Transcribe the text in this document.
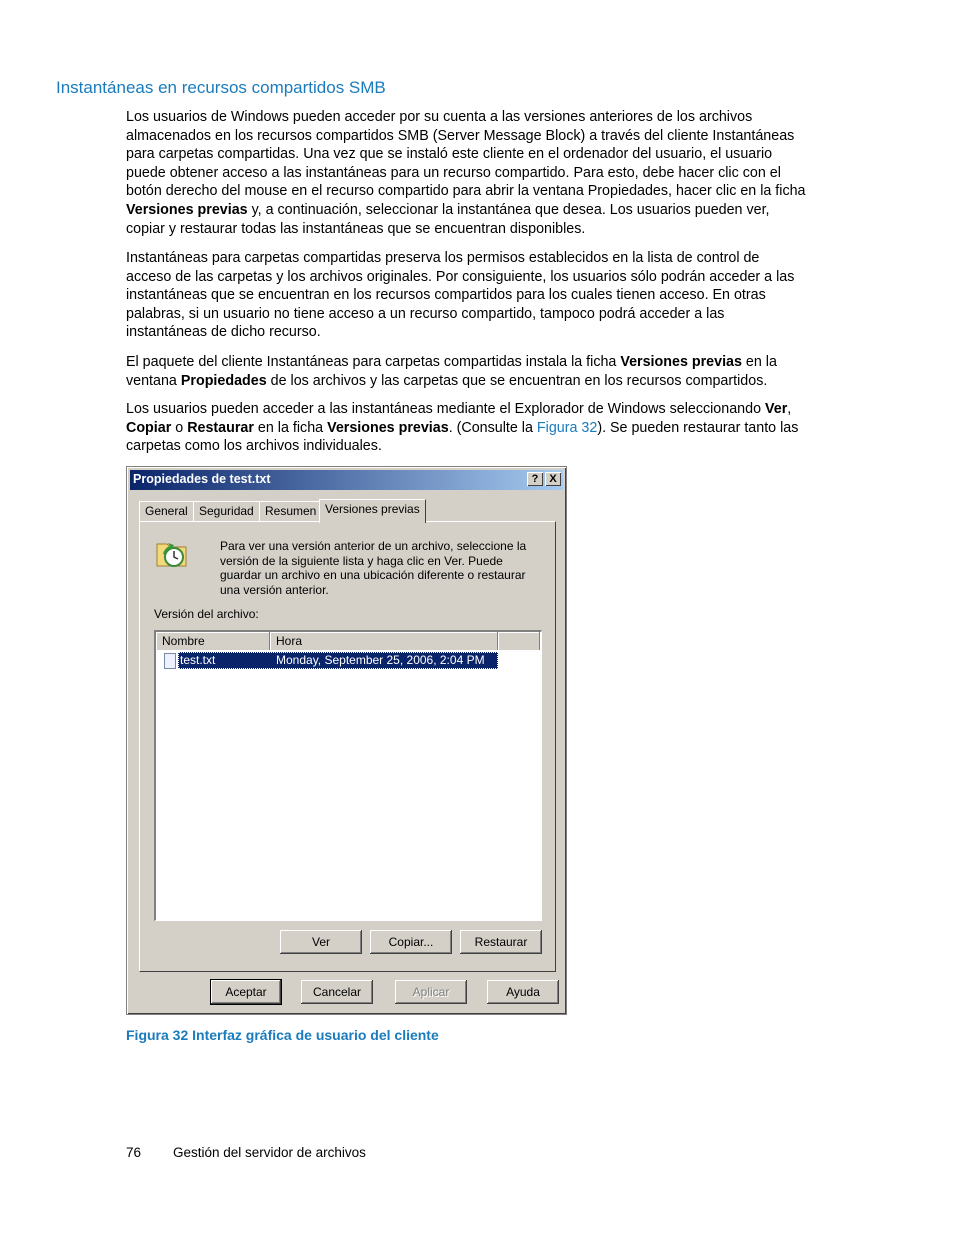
Instantáneas en recursos compartidos SMB

Los usuarios de Windows pueden acceder por su cuenta a las versiones anteriores de los archivos almacenados en los recursos compartidos SMB (Server Message Block) a través del cliente Instantáneas para carpetas compartidas. Una vez que se instaló este cliente en el ordenador del usuario, el usuario puede obtener acceso a las instantáneas para un recurso compartido. Para esto, debe hacer clic con el botón derecho del mouse en el recurso compartido para abrir la ventana Propiedades, hacer clic en la ficha Versiones previas y, a continuación, seleccionar la instantánea que desea. Los usuarios pueden ver, copiar y restaurar todas las instantáneas que se encuentran disponibles.

Instantáneas para carpetas compartidas preserva los permisos establecidos en la lista de control de acceso de las carpetas y los archivos originales. Por consiguiente, los usuarios sólo podrán acceder a las instantáneas que se encuentran en los recursos compartidos para los cuales tienen acceso. En otras palabras, si un usuario no tiene acceso a un recurso compartido, tampoco podrá acceder a las instantáneas de dicho recurso.

El paquete del cliente Instantáneas para carpetas compartidas instala la ficha Versiones previas en la ventana Propiedades de los archivos y las carpetas que se encuentran en los recursos compartidos.

Los usuarios pueden acceder a las instantáneas mediante el Explorador de Windows seleccionando Ver, Copiar o Restaurar en la ficha Versiones previas. (Consulte la Figura 32). Se pueden restaurar tanto las carpetas como los archivos individuales.

Propiedades de test.txt	? X
General Seguridad Resumen Versiones previas
Para ver una versión anterior de un archivo, seleccione la versión de la siguiente lista y haga clic en Ver. Puede guardar un archivo en una ubicación diferente o restaurar una versión anterior.
Versión del archivo:
Nombre	Hora
test.txt	Monday, September 25, 2006, 2:04 PM
Ver	Copiar...	Restaurar
Aceptar	Cancelar	Aplicar	Ayuda
Figura 32 Interfaz gráfica de usuario del cliente
76 Gestión del servidor de archivos
